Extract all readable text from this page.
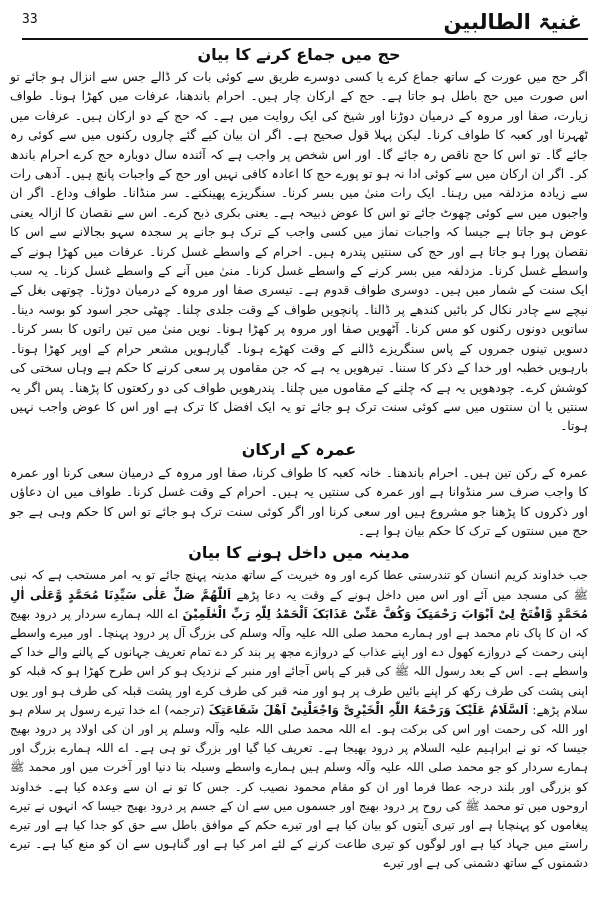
33	غنیۃ الطالبین
حج میں جماع کرنے کا بیان

اگر حج میں عورت کے ساتھ جماع کرے یا کسی دوسرے طریق سے کوئی بات کر ڈالے جس سے انزال ہو جائے تو اس صورت میں حج باطل ہو جاتا ہے۔ حج کے ارکان چار ہیں۔ احرام باندھنا، عرفات میں کھڑا ہونا۔ طواف زیارت، صفا اور مروہ کے درمیان دوڑنا اور شیخ کی ایک روایت میں ہے۔ کہ حج کے دو ارکان ہیں۔ عرفات میں ٹھہرنا اور کعبہ کا طواف کرنا۔ لیکن پہلا قول صحیح ہے۔ اگر ان بیان کیے گئے چاروں رکنوں میں سے کوئی رہ جائے گا۔ تو اس کا حج ناقص رہ جائے گا۔ اور اس شخص پر واجب ہے کہ آئندہ سال دوبارہ حج کرے احرام باندھ کر۔ اگر ان ارکان میں سے کوئی ادا نہ ہو تو پورے حج کا اعادہ کافی نہیں اور حج کے واجبات پانچ ہیں۔ آدھی رات سے زیادہ مزدلفہ میں رہنا۔ ایک رات منیٰ میں بسر کرنا۔ سنگریزے پھینکنے۔ سر منڈانا۔ طواف وداع۔ اگر ان واجبوں میں سے کوئی چھوٹ جائے تو اس کا عوض ذبیحہ ہے۔ یعنی بکری ذبح کرے۔ اس سے نقصان کا ازالہ یعنی عوض ہو جاتا ہے جیسا کہ واجبات نماز میں کسی واجب کے ترک ہو جانے پر سجدہ سہو بجالانے سے اس کا نقصان پورا ہو جاتا ہے اور حج کی سنتیں پندرہ ہیں۔ احرام کے واسطے غسل کرنا۔ عرفات میں کھڑا ہونے کے واسطے غسل کرنا۔ مزدلفہ میں بسر کرنے کے واسطے غسل کرنا۔ منیٰ میں آنے کے واسطے غسل کرنا۔ یہ سب ایک سنت کے شمار میں ہیں۔ دوسری طواف قدوم ہے۔ تیسری صفا اور مروہ کے درمیان دوڑنا۔ چوتھی بغل کے نیچے سے چادر نکال کر بائیں کندھے پر ڈالنا۔ پانچویں طواف کے وقت جلدی چلنا۔ چھٹی حجر اسود کو بوسہ دینا۔ ساتویں دونوں رکنوں کو مس کرنا۔ آٹھویں صفا اور مروہ پر کھڑا ہونا۔ نویں منیٰ میں تین راتوں کا بسر کرنا۔ دسویں تینوں جمروں کے پاس سنگریزے ڈالنے کے وقت کھڑے ہونا۔ گیارہویں مشعر حرام کے اوپر کھڑا ہونا۔ بارہویں خطبہ اور خدا کے ذکر کا سننا۔ تیرھویں یہ ہے کہ جن مقاموں پر سعی کرنے کا حکم ہے وہاں سختی کی کوشش کرے۔ چودھویں یہ ہے کہ چلنے کے مقاموں میں چلنا۔ پندرھویں طواف کی دو رکعتوں کا پڑھنا۔ پس اگر یہ سنتیں یا ان سنتوں میں سے کوئی سنت ترک ہو جائے تو یہ ایک افضل کا ترک ہے اور اس کا عوض واجب نہیں ہوتا۔

عمرہ کے ارکان

عمرہ کے رکن تین ہیں۔ احرام باندھنا۔ خانہ کعبہ کا طواف کرنا، صفا اور مروہ کے درمیان سعی کرنا اور عمرہ کا واجب صرف سر منڈوانا ہے اور عمرہ کی سنتیں یہ ہیں۔ احرام کے وقت غسل کرنا۔ طواف میں ان دعاؤں اور ذکروں کا پڑھنا جو مشروع ہیں اور سعی کرنا اور اگر کوئی سنت ترک ہو جائے تو اس کا حکم وہی ہے جو حج میں سنتوں کے ترک کا حکم بیان ہوا ہے۔

مدینہ میں داخل ہونے کا بیان

جب خداوند کریم انسان کو تندرستی عطا کرے اور وہ خیریت کے ساتھ مدینہ پہنچ جائے تو یہ امر مستحب ہے کہ نبی ﷺ کی مسجد میں آئے اور اس میں داخل ہونے کے وقت یہ دعا پڑھے اَللّٰھُمَّ صَلِّ عَلٰی سَیِّدِنَا مُحَمَّدٍ وَّعَلٰی اٰلِ مُحَمَّدٍ وَّافْتَحْ لِیْ اَبْوَابَ رَحْمَتِکَ وَکُفَّ عَنِّیْ عَذَابَکَ اَلْحَمْدُ لِلّٰہِ رَبِّ الْعٰلَمِیْنَ اے اللہ ہمارے سردار پر درود بھیج کہ ان کا پاک نام محمد ہے اور ہمارے محمد صلی اللہ علیہ وآلہ وسلم کی بزرگ آل پر درود پہنچا۔ اور میرے واسطے اپنی رحمت کے دروازے کھول دے اور اپنے عذاب کے دروازے مجھ پر بند کر دے تمام تعریف جہانوں کے پالنے والے خدا کے واسطے ہے۔ اس کے بعد رسول اللہ ﷺ کی قبر کے پاس آجائے اور منبر کے نزدیک ہو کر اس طرح کھڑا ہو کہ قبلہ کو اپنی پشت کی طرف رکھ کر اپنے بائیں طرف پر ہو اور منہ قبر کی طرف کرے اور پشت قبلہ کی طرف ہو اور یوں سلام پڑھے: اَلسَّلَامُ عَلَیْکَ وَرَحْمَۃُ اللّٰہِ الْخَیْرِیَّ وَاجْعَلْنِیْ اَھْلَ شَفَاعَتِکَ (ترجمہ) اے خدا تیرے رسول پر سلام ہو اور اللہ کی رحمت اور اس کی برکت ہو۔ اے اللہ محمد صلی اللہ علیہ وآلہ وسلم پر اور ان کی اولاد پر درود بھیج جیسا کہ تو نے ابراہیم علیہ السلام پر درود بھیجا ہے۔ تعریف کیا گیا اور بزرگ تو ہی ہے۔ اے اللہ ہمارے بزرگ اور ہمارے سردار کو جو محمد صلی اللہ علیہ وآلہ وسلم ہیں ہمارے واسطے وسیلہ بنا دنیا اور آخرت میں اور محمد ﷺ کو بزرگی اور بلند درجہ عطا فرما اور ان کو مقام محمود نصیب کر۔ جس کا تو نے ان سے وعدہ کیا ہے۔ خداوند اروحوں میں تو محمد ﷺ کی روح پر درود بھیج اور جسموں میں سے ان کے جسم پر درود بھیج جیسا کہ انہوں نے تیرے پیغاموں کو پہنچایا ہے اور تیری آیتوں کو بیان کیا ہے اور تیرے حکم کے موافق باطل سے حق کو جدا کیا ہے اور تیرے راستے میں جہاد کیا ہے اور لوگوں کو تیری طاعت کرنے کے لئے امر کیا ہے اور گناہوں سے ان کو منع کیا ہے۔ تیرے دشمنوں کے ساتھ دشمنی کی ہے اور تیرے
